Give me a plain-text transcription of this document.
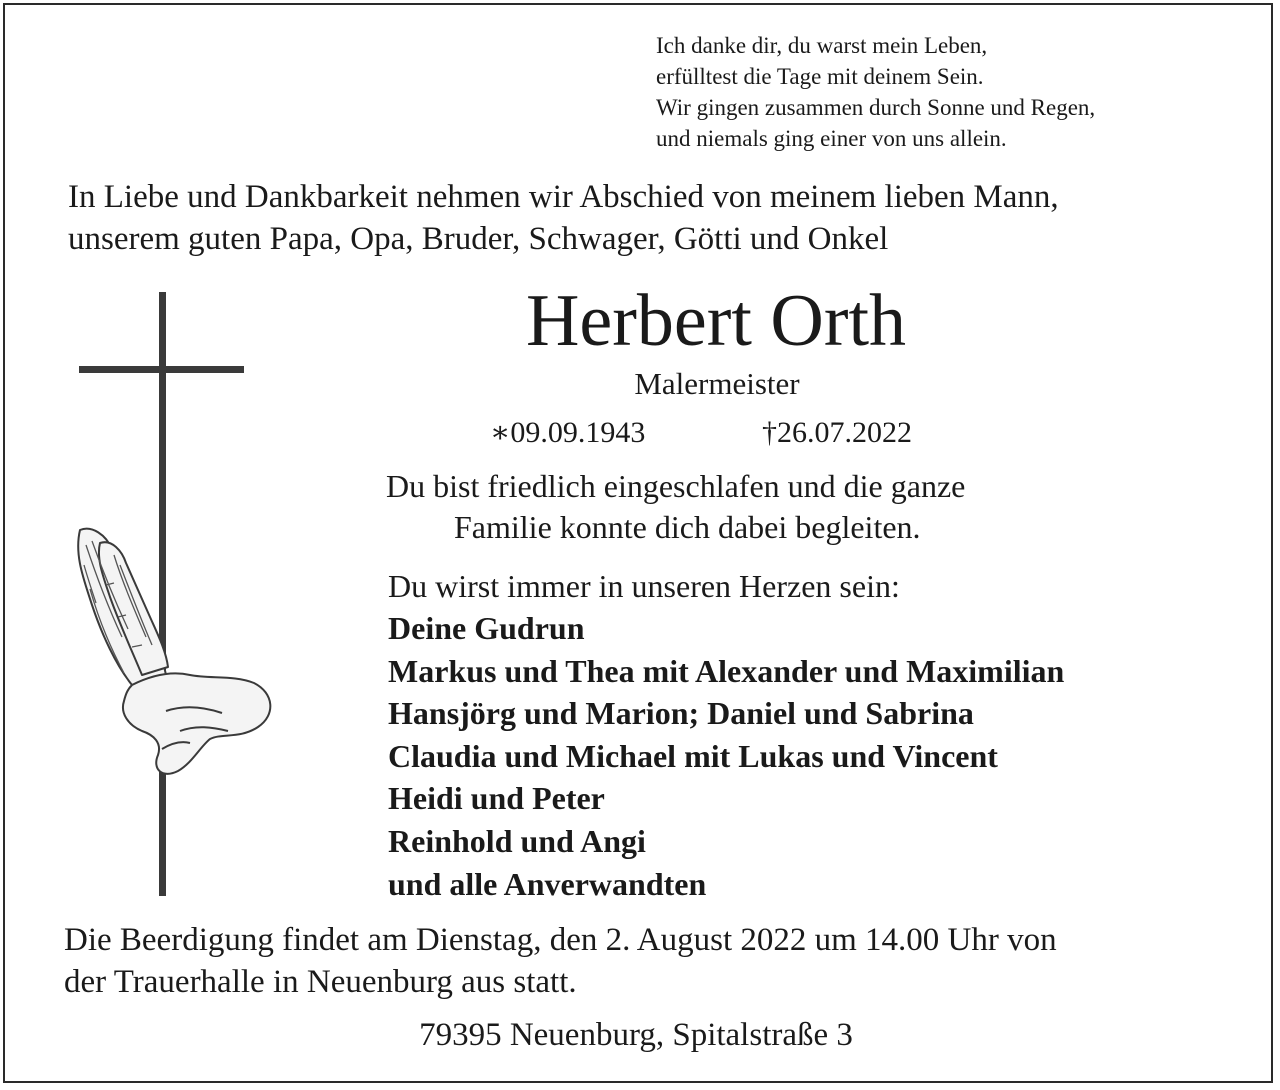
Ich danke dir, du warst mein Leben,
erfülltest die Tage mit deinem Sein.
Wir gingen zusammen durch Sonne und Regen,
und niemals ging einer von uns allein.
In Liebe und Dankbarkeit nehmen wir Abschied von meinem lieben Mann,
unserem guten Papa, Opa, Bruder, Schwager, Götti und Onkel
Herbert Orth
Malermeister
∗09.09.1943	†26.07.2022
Du bist friedlich eingeschlafen und die ganze
Familie konnte dich dabei begleiten.
Du wirst immer in unseren Herzen sein:
Deine Gudrun
Markus und Thea mit Alexander und Maximilian
Hansjörg und Marion; Daniel und Sabrina
Claudia und Michael mit Lukas und Vincent
Heidi und Peter
Reinhold und Angi
und alle Anverwandten
Die Beerdigung findet am Dienstag, den 2. August 2022 um 14.00 Uhr von
der Trauerhalle in Neuenburg aus statt.
79395 Neuenburg, Spitalstraße 3
